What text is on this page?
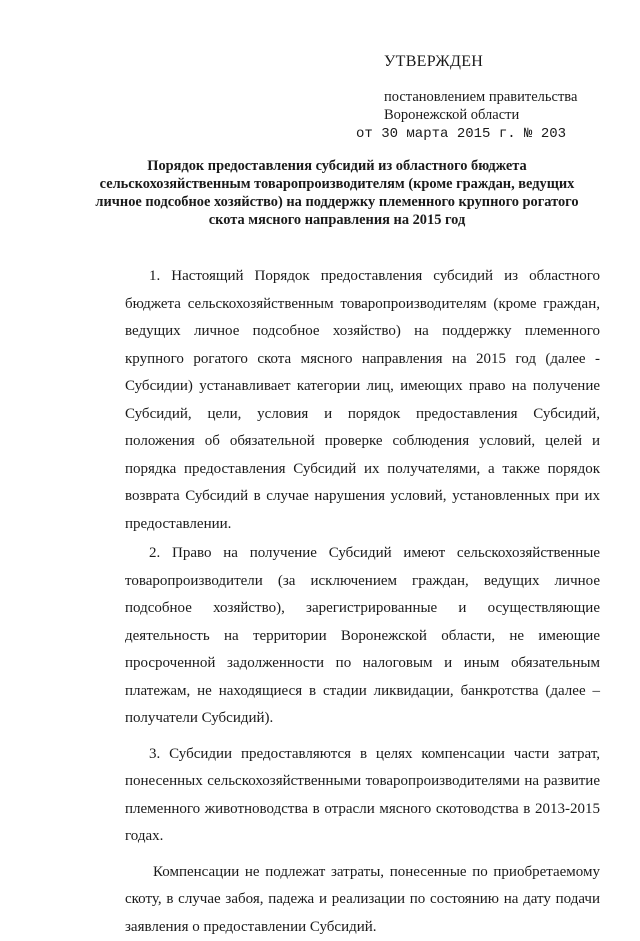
УТВЕРЖДЕН
постановлением правительства
Воронежской области
от 30 марта 2015 г. № 203
Порядок предоставления субсидий из областного бюджета сельскохозяйственным товаропроизводителям (кроме граждан, ведущих личное подсобное хозяйство) на поддержку племенного крупного рогатого скота мясного направления на 2015 год

1. Настоящий Порядок предоставления субсидий из областного бюджета сельскохозяйственным товаропроизводителям (кроме граждан, ведущих личное подсобное хозяйство) на поддержку племенного крупного рогатого скота мясного направления на 2015 год (далее - Субсидии) устанавливает категории лиц, имеющих право на получение Субсидий, цели, условия и порядок предоставления Субсидий, положения об обязательной проверке соблюдения условий, целей и порядка предоставления Субсидий их получателями, а также порядок возврата Субсидий в случае нарушения условий, установленных при их предоставлении.

2. Право на получение Субсидий имеют сельскохозяйственные товаропроизводители (за исключением граждан, ведущих личное подсобное хозяйство), зарегистрированные и осуществляющие деятельность на территории Воронежской области, не имеющие просроченной задолженности по налоговым и иным обязательным платежам, не находящиеся в стадии ликвидации, банкротства (далее – получатели Субсидий).

3. Субсидии предоставляются в целях компенсации части затрат, понесенных сельскохозяйственными товаропроизводителями на развитие племенного животноводства в отрасли мясного скотоводства в 2013-2015 годах.

Компенсации не подлежат затраты, понесенные по приобретаемому скоту, в случае забоя, падежа и реализации по состоянию на дату подачи заявления о предоставлении Субсидий.
